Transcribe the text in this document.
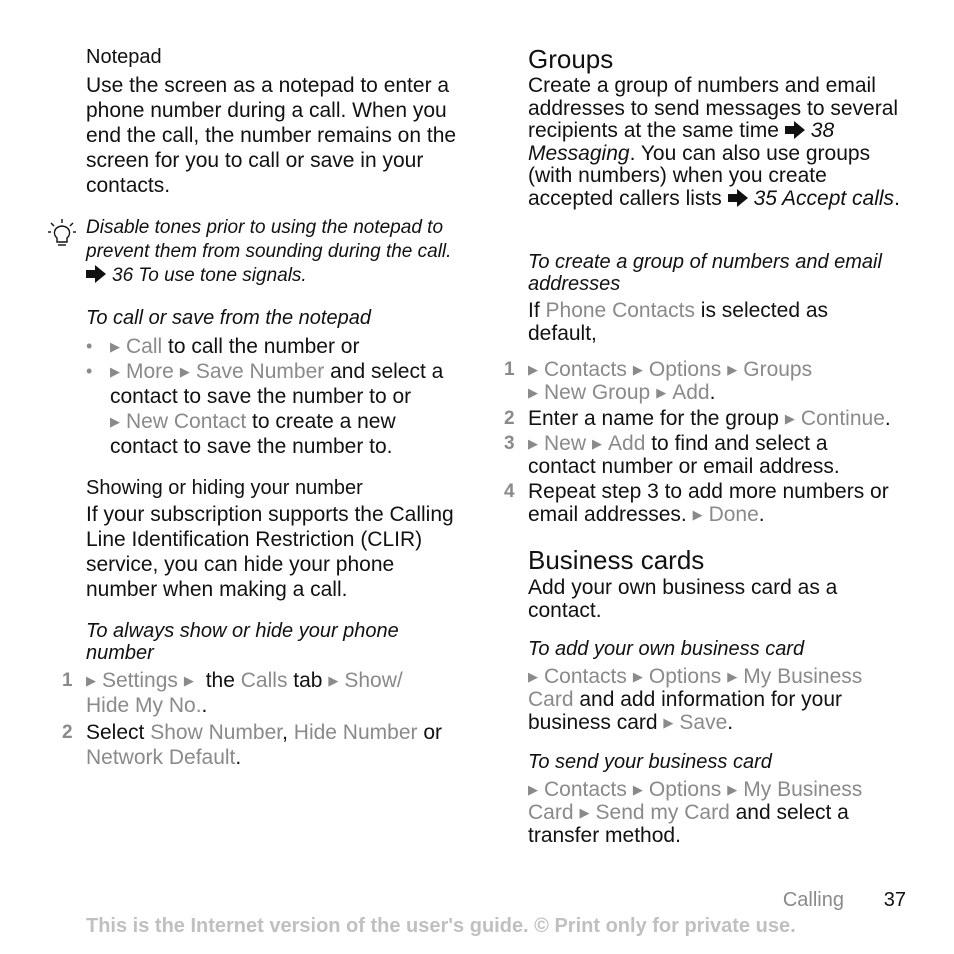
Notepad
Use the screen as a notepad to enter a phone number during a call. When you end the call, the number remains on the screen for you to call or save in your contacts.
Disable tones prior to using the notepad to prevent them from sounding during the call. 36 To use tone signals.
To call or save from the notepad
• ▶ Call to call the number or
• ▶ More ▶ Save Number and select a contact to save the number to or ▶ New Contact to create a new contact to save the number to.
Showing or hiding your number
If your subscription supports the Calling Line Identification Restriction (CLIR) service, you can hide your phone number when making a call.
To always show or hide your phone number
1 ▶ Settings ▶ the Calls tab ▶ Show/ Hide My No..
2 Select Show Number, Hide Number or Network Default.
Groups
Create a group of numbers and email addresses to send messages to several recipients at the same time 38 Messaging. You can also use groups (with numbers) when you create accepted callers lists 35 Accept calls.
To create a group of numbers and email addresses
If Phone Contacts is selected as default,
1 ▶ Contacts ▶ Options ▶ Groups
▶ New Group ▶ Add.
2 Enter a name for the group ▶ Continue.
3 ▶ New ▶ Add to find and select a contact number or email address.
4 Repeat step 3 to add more numbers or email addresses. ▶ Done.
Business cards
Add your own business card as a contact.
To add your own business card
▶ Contacts ▶ Options ▶ My Business Card and add information for your business card ▶ Save.
To send your business card
▶ Contacts ▶ Options ▶ My Business Card ▶ Send my Card and select a transfer method.
Calling 37
This is the Internet version of the user's guide. © Print only for private use.
